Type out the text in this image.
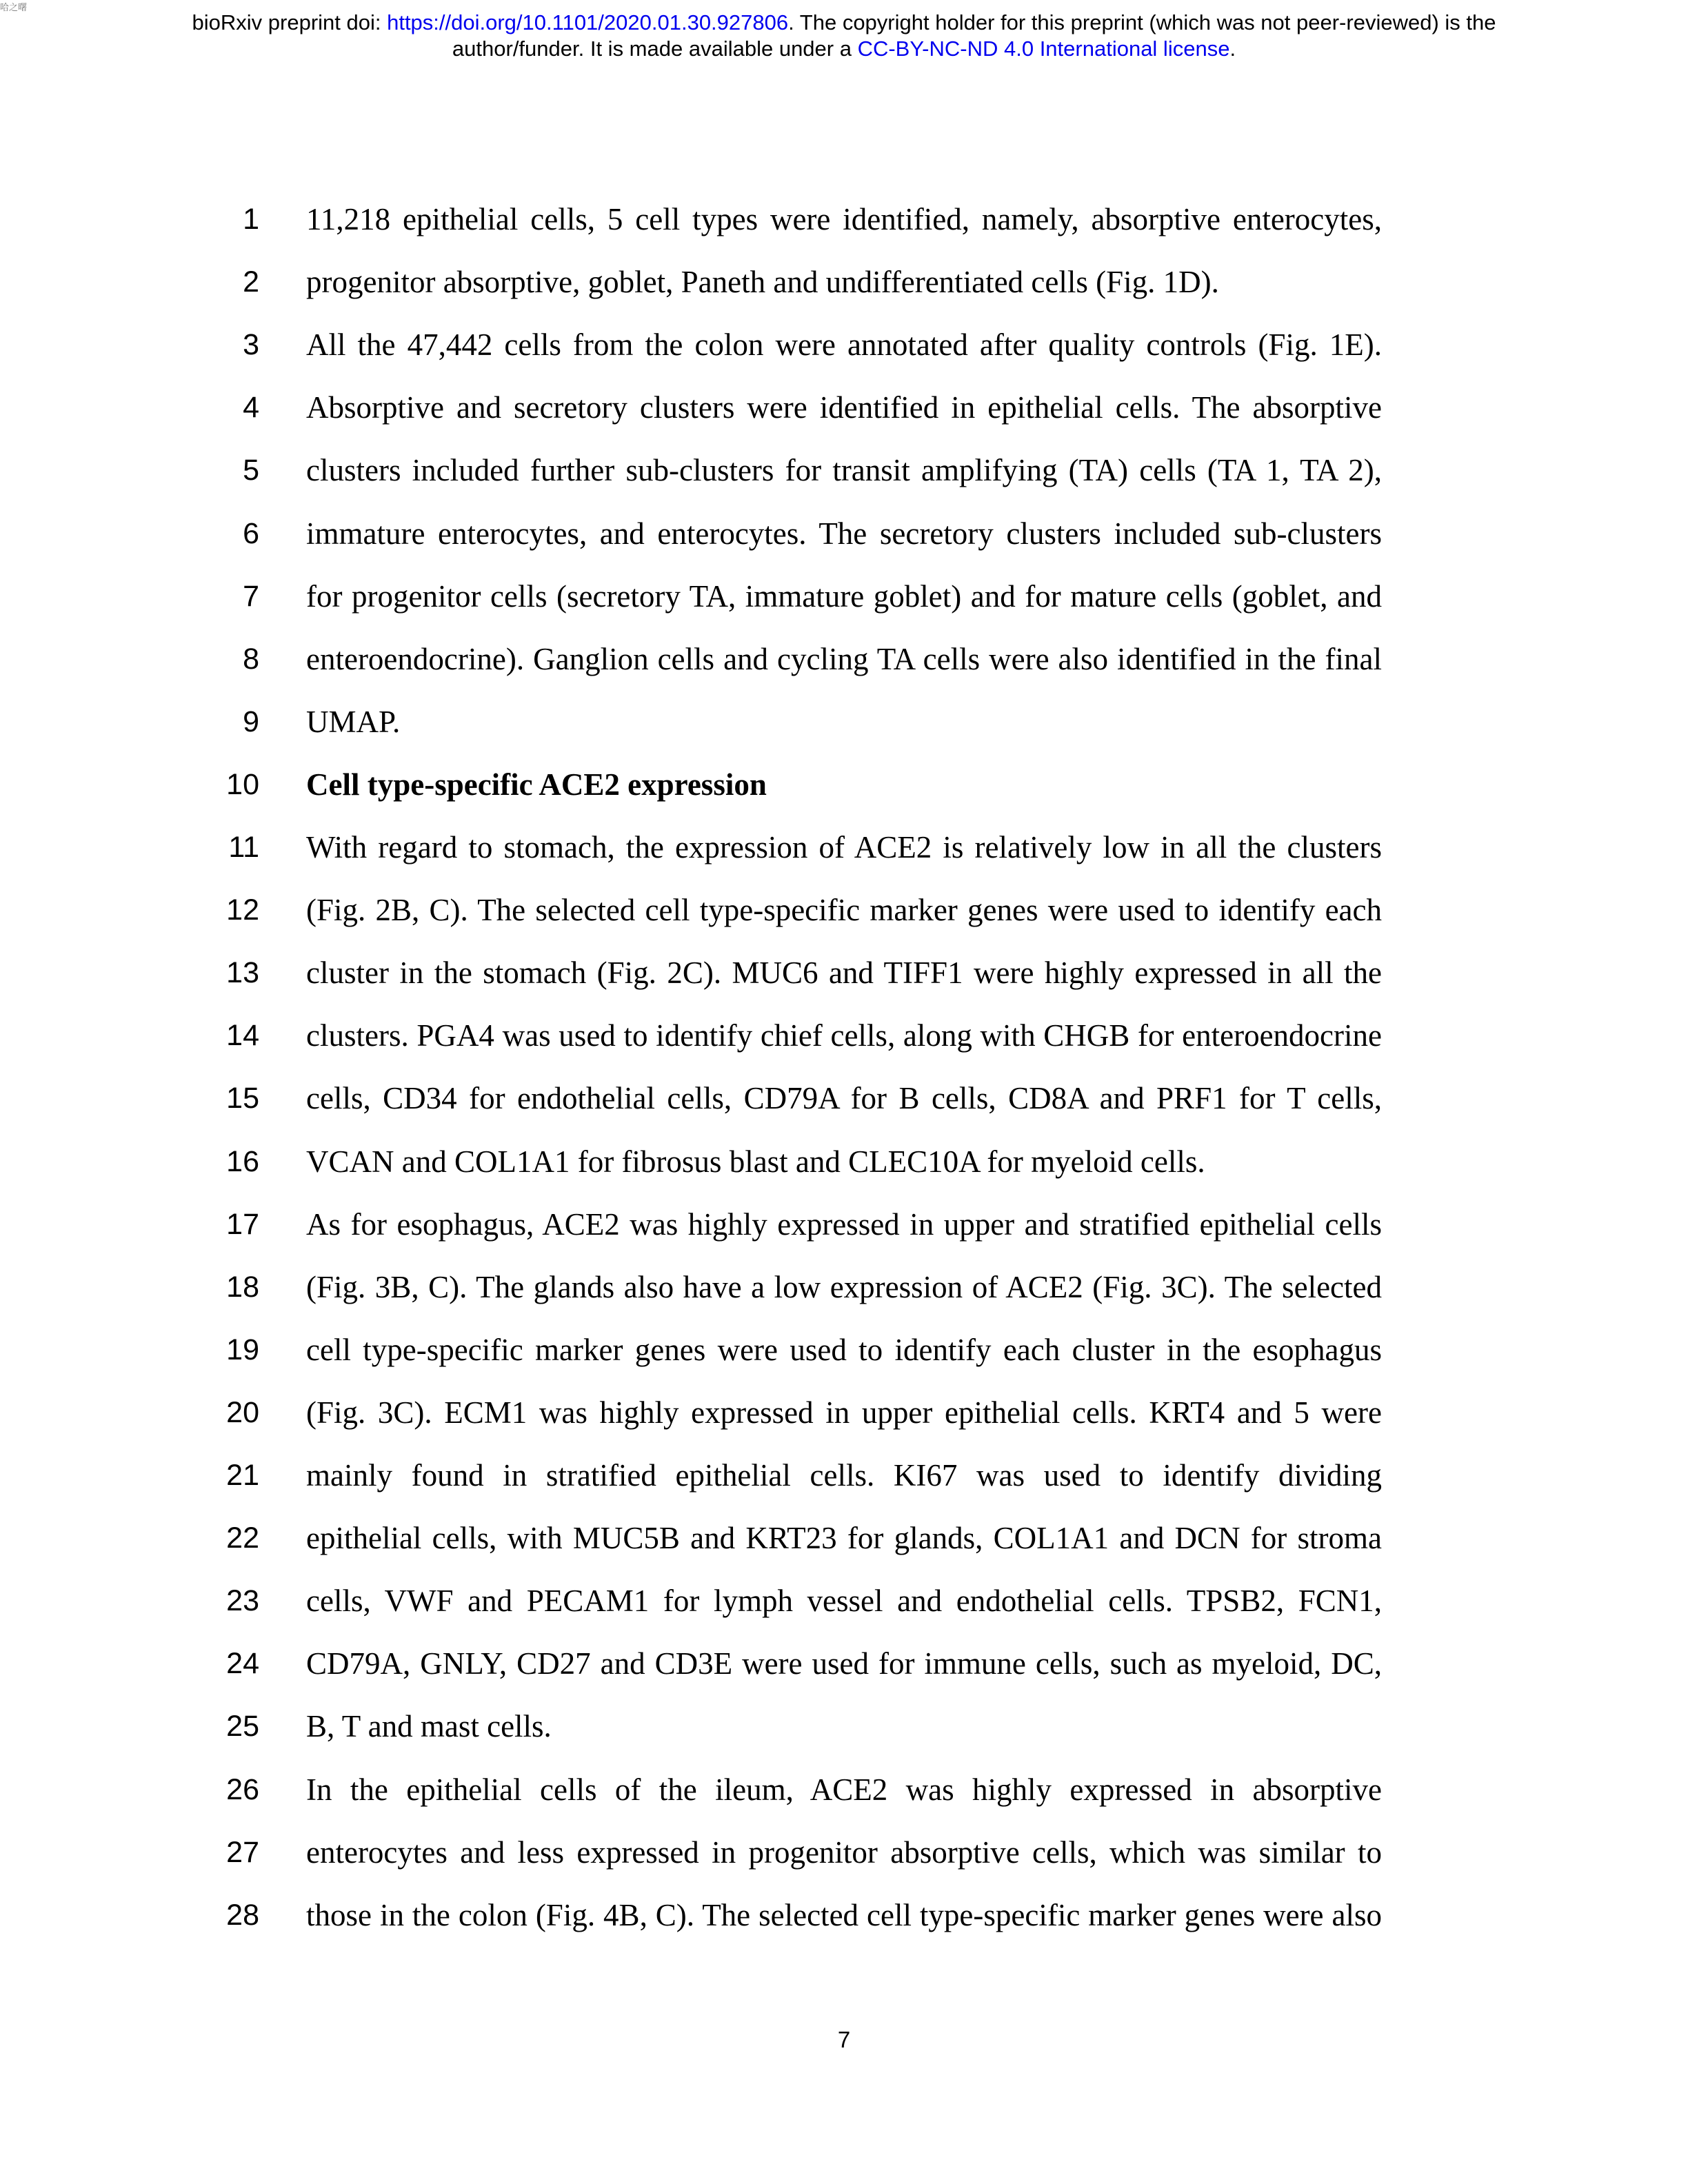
哈之曙
bioRxiv preprint doi: https://doi.org/10.1101/2020.01.30.927806. The copyright holder for this preprint (which was not peer-reviewed) is the
author/funder. It is made available under a CC-BY-NC-ND 4.0 International license.
1 11,218 epithelial cells, 5 cell types were identified, namely, absorptive enterocytes,
2 progenitor absorptive, goblet, Paneth and undifferentiated cells (Fig. 1D).
3 All the 47,442 cells from the colon were annotated after quality controls (Fig. 1E).
4 Absorptive and secretory clusters were identified in epithelial cells. The absorptive
5 clusters included further sub-clusters for transit amplifying (TA) cells (TA 1, TA 2),
6 immature enterocytes, and enterocytes. The secretory clusters included sub-clusters
7 for progenitor cells (secretory TA, immature goblet) and for mature cells (goblet, and
8 enteroendocrine). Ganglion cells and cycling TA cells were also identified in the final
9 UMAP.
10 Cell type-specific ACE2 expression
11 With regard to stomach, the expression of ACE2 is relatively low in all the clusters
12 (Fig. 2B, C). The selected cell type-specific marker genes were used to identify each
13 cluster in the stomach (Fig. 2C). MUC6 and TIFF1 were highly expressed in all the
14 clusters. PGA4 was used to identify chief cells, along with CHGB for enteroendocrine
15 cells, CD34 for endothelial cells, CD79A for B cells, CD8A and PRF1 for T cells,
16 VCAN and COL1A1 for fibrosus blast and CLEC10A for myeloid cells.
17 As for esophagus, ACE2 was highly expressed in upper and stratified epithelial cells
18 (Fig. 3B, C). The glands also have a low expression of ACE2 (Fig. 3C). The selected
19 cell type-specific marker genes were used to identify each cluster in the esophagus
20 (Fig. 3C). ECM1 was highly expressed in upper epithelial cells. KRT4 and 5 were
21 mainly found in stratified epithelial cells. KI67 was used to identify dividing
22 epithelial cells, with MUC5B and KRT23 for glands, COL1A1 and DCN for stroma
23 cells, VWF and PECAM1 for lymph vessel and endothelial cells. TPSB2, FCN1,
24 CD79A, GNLY, CD27 and CD3E were used for immune cells, such as myeloid, DC,
25 B, T and mast cells.
26 In the epithelial cells of the ileum, ACE2 was highly expressed in absorptive
27 enterocytes and less expressed in progenitor absorptive cells, which was similar to
28 those in the colon (Fig. 4B, C). The selected cell type-specific marker genes were also
7
